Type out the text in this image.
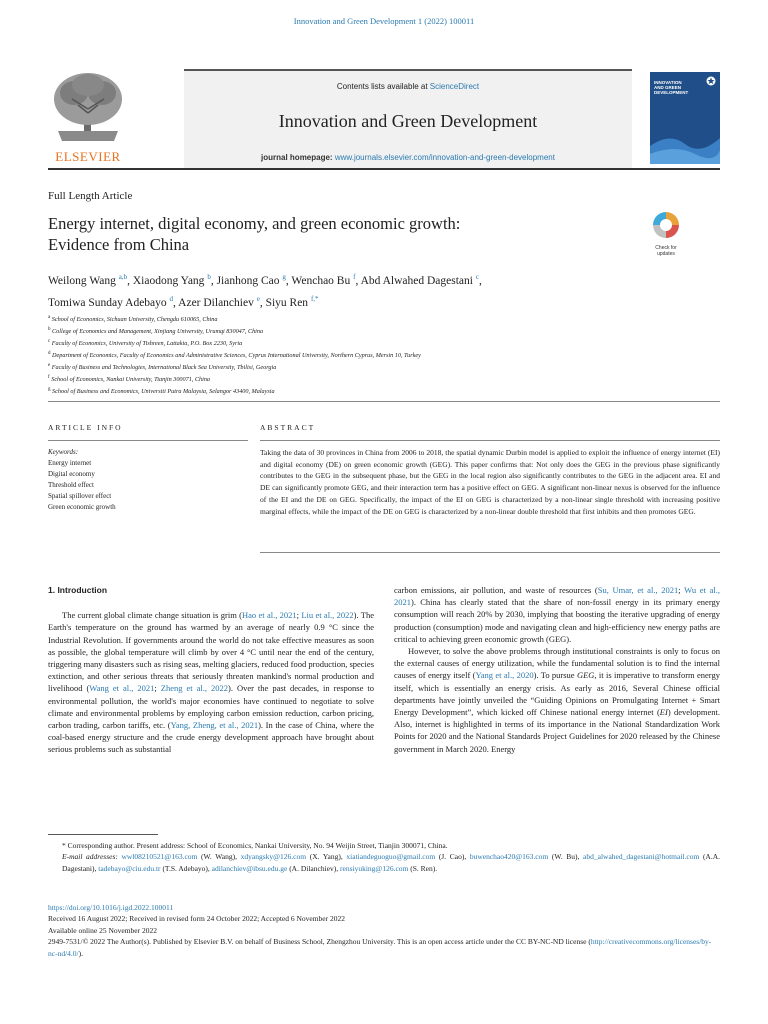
Innovation and Green Development 1 (2022) 100011
ELSEVIER
Contents lists available at ScienceDirect
Innovation and Green Development
journal homepage: www.journals.elsevier.com/innovation-and-green-development
INNOVATION
AND GREEN
DEVELOPMENT
Full Length Article
Energy internet, digital economy, and green economic growth:
Evidence from China	Check for
updates
Weilong Wang $^{a,b}$, Xiaodong Yang $^b$, Jianhong Cao $^g$, Wenchao Bu $^f$, Abd Alwahed Dagestani $^c$,
Tomiwa Sunday Adebayo $^d$, Azer Dilanchiev $^e$, Siyu Ren $^{f,*}$
$^a$ School of Economics, Sichuan University, Chengdu 610065, China
$^b$ College of Economics and Management, Xinjiang University, Urumqi 830047, China
$^c$ Faculty of Economics, University of Tishreen, Lattakia, P.O. Box 2230, Syria
$^d$ Department of Economics, Faculty of Economics and Administrative Sciences, Cyprus International University, Northern Cyprus, Mersin 10, Turkey
$^e$ Faculty of Business and Technologies, International Black Sea University, Tbilisi, Georgia
$^f$ School of Economics, Nankai University, Tianjin 300071, China
$^g$ School of Business and Economics, Universiti Putra Malaysia, Selangor 43400, Malaysia
ARTICLE INFO	ABSTRACT
Keywords:
Energy internet
Digital economy
Threshold effect
Spatial spillover effect
Green economic growth
Taking the data of 30 provinces in China from 2006 to 2018, the spatial dynamic Durbin model is applied to exploit the influence of energy internet (EI) and digital economy (DE) on green economic growth (GEG). This paper confirms that: Not only does the GEG in the previous phase significantly contributes to the GEG in the subsequent phase, but the GEG in the local region also significantly contributes to the GEG in the adjacent area. EI and DE can significantly promote GEG, and their interaction term has a positive effect on GEG. A significant non-linear nexus is observed for the influence of the EI and the DE on GEG. Specifically, the impact of the EI on GEG is characterized by a non-linear single threshold with increasing positive marginal effects, while the impact of the DE on GEG is characterized by a non-linear double threshold that first inhibits and then promotes GEG.
1. Introduction

The current global climate change situation is grim (Hao et al., 2021; Liu et al., 2022). The Earth's temperature on the ground has warmed by an average of nearly 0.9 °C since the Industrial Revolution. If governments around the world do not take effective measures as soon as possible, the global temperature will climb by over 4 °C until near the end of the century, triggering many disasters such as rising seas, melting glaciers, reduced food production, species extinction, and other serious threats that seriously threaten mankind's normal production and livelihood (Wang et al., 2021; Zheng et al., 2022). Over the past decades, in response to environmental pollution, the world's major economies have continued to negotiate to solve climate and environmental problems by employing carbon emission reduction, carbon pricing, carbon trading, carbon tariffs, etc. (Yang, Zheng, et al., 2021). In the case of China, where the coal-based energy structure and the crude energy development approach have brought about serious problems such as substantial

carbon emissions, air pollution, and waste of resources (Su, Umar, et al., 2021; Wu et al., 2021). China has clearly stated that the share of non-fossil energy in its primary energy consumption will reach 20% by 2030, implying that boosting the iterative upgrading of energy production (consumption) mode and navigating clean and high-efficiency new energy paths are critical to achieving green economic growth (GEG).

However, to solve the above problems through institutional constraints is only to focus on the external causes of energy utilization, while the fundamental solution is to find the internal causes of energy itself (Yang et al., 2020). To pursue GEG, it is imperative to transform energy itself, which is essentially an energy crisis. As early as 2016, Several Chinese official departments have jointly unveiled the “Guiding Opinions on Promulgating Internet + Smart Energy Development”, which kicked off Chinese national energy internet (EI) development. Also, internet is highlighted in terms of its importance in the National Standardization Work Points for 2020 and the National Standards Project Guidelines for 2020 released by the Chinese government in March 2020. Energy

* Corresponding author. Present address: School of Economics, Nankai University, No. 94 Weijin Street, Tianjin 300071, China.
E-mail addresses: wwl08210521@163.com (W. Wang), xdyangsky@126.com (X. Yang), xiatiandeguoguo@gmail.com (J. Cao), buwenchao420@163.com (W. Bu), abd_alwahed_dagestani@hotmail.com (A.A. Dagestani), tadebayo@ciu.edu.tr (T.S. Adebayo), adilanchiev@ibsu.edu.ge (A. Dilanchiev), rensiyuking@126.com (S. Ren).
https://doi.org/10.1016/j.igd.2022.100011
Received 16 August 2022; Received in revised form 24 October 2022; Accepted 6 November 2022
Available online 25 November 2022
2949-7531/© 2022 The Author(s). Published by Elsevier B.V. on behalf of Business School, Zhengzhou University. This is an open access article under the CC BY-NC-ND license (http://creativecommons.org/licenses/by-nc-nd/4.0/).
